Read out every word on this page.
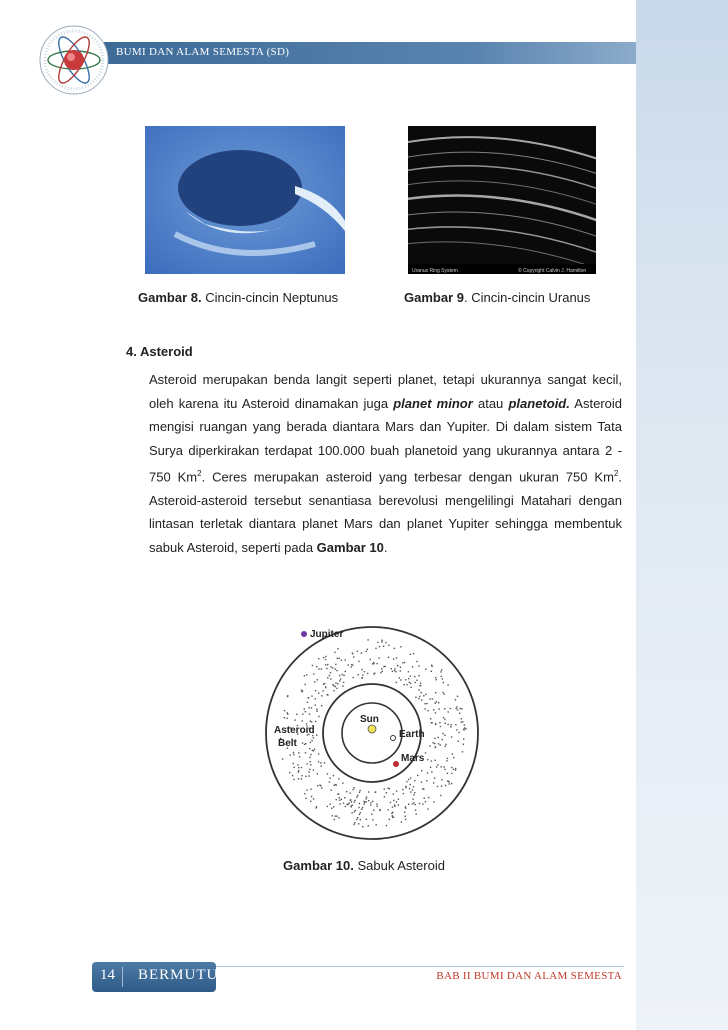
BUMI DAN ALAM SEMESTA (SD)
Uranus Ring System	© Copyright Calvin J. Hamilton
Gambar 8. Cincin-cincin Neptunus	Gambar 9. Cincin-cincin Uranus
4. Asteroid
Asteroid merupakan benda langit seperti planet, tetapi ukurannya sangat kecil, oleh karena itu Asteroid dinamakan juga planet minor atau planetoid. Asteroid mengisi ruangan yang berada diantara Mars dan Yupiter. Di dalam sistem Tata Surya diperkirakan terdapat 100.000 buah planetoid yang ukurannya antara 2 - 750 Km$^2$. Ceres merupakan asteroid yang terbesar dengan ukuran 750 Km$^2$. Asteroid-asteroid tersebut senantiasa berevolusi mengelilingi Matahari dengan lintasan terletak diantara planet Mars dan planet Yupiter sehingga membentuk sabuk Asteroid, seperti pada Gambar 10.
Jupiter
Sun
Earth
Mars
Asteroid
Belt
Gambar 10. Sabuk Asteroid
14 BERMUTU	BAB II BUMI DAN ALAM SEMESTA
